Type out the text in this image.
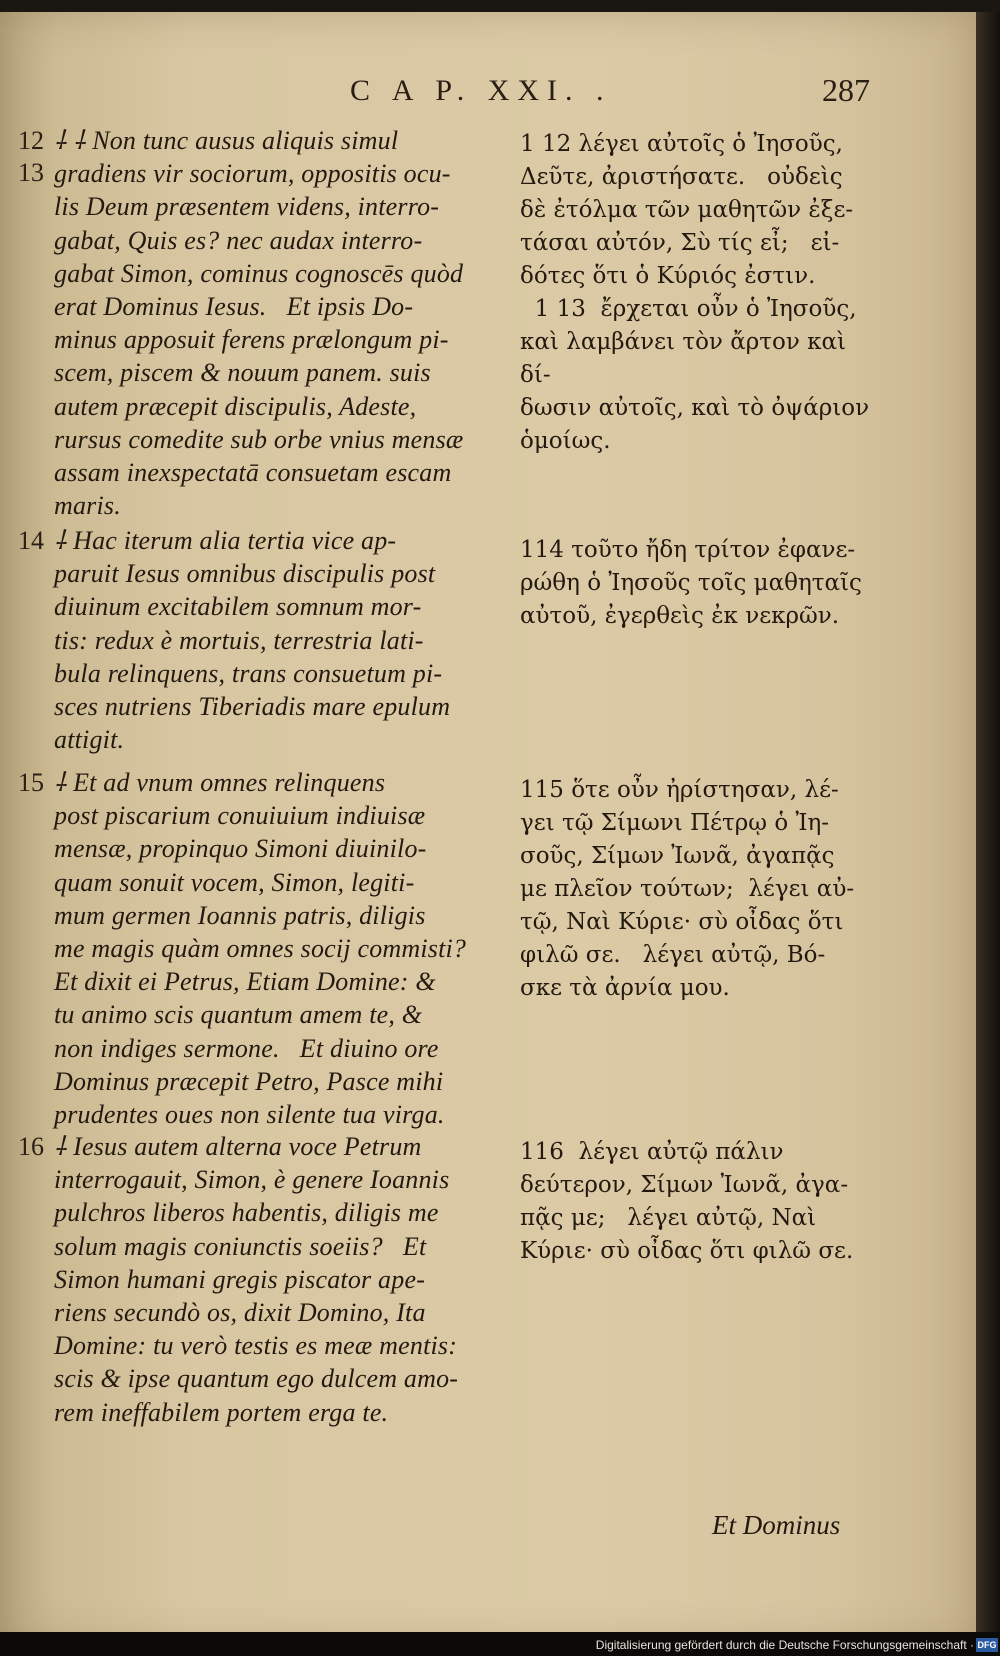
C A P. XXI. .	287
12
13
⸸ ⸸ Non tunc ausus aliquis simul
gradiens vir sociorum, oppositis ocu-
lis Deum præsentem videns, interro-
gabat, Quis es? nec audax interro-
gabat Simon, cominus cognoscēs quòd
erat Dominus Iesus.   Et ipsis Do-
minus apposuit ferens prælongum pi-
scem, piscem & nouum panem. suis
autem præcepit discipulis, Adeste,
rursus comedite sub orbe vnius mensæ
assam inexspectatā consuetam escam
maris.
14 ⸸ Hac iterum alia tertia vice ap-
paruit Iesus omnibus discipulis post
diuinum excitabilem somnum mor-
tis: redux è mortuis, terrestria lati-
bula relinquens, trans consuetum pi-
sces nutriens Tiberiadis mare epulum
attigit.
15 ⸸ Et ad vnum omnes relinquens
post piscarium conuiuium indiuisæ
mensæ, propinquo Simoni diuinilo-
quam sonuit vocem, Simon, legiti-
mum germen Ioannis patris, diligis
me magis quàm omnes socij commisti?
Et dixit ei Petrus, Etiam Domine: &
tu animo scis quantum amem te, &
non indiges sermone.   Et diuino ore
Dominus præcepit Petro, Pasce mihi
prudentes oues non silente tua virga.
16 ⸸ Iesus autem alterna voce Petrum
interrogauit, Simon, è genere Ioannis
pulchros liberos habentis, diligis me
solum magis coniunctis soeiis?   Et
Simon humani gregis piscator ape-
riens secundò os, dixit Domino, Ita
Domine: tu verò testis es meæ mentis:
scis & ipse quantum ego dulcem amo-
rem ineffabilem portem erga te.
1 12 λέγει αὐτοῖς ὁ Ἰησοῦς,
Δεῦτε, ἀριστήσατε.   οὐδεὶς
δὲ ἐτόλμα τῶν μαθητῶν ἐξε-
τάσαι αὐτόν, Σὺ τίς εἶ;   εἰ-
δότες ὅτι ὁ Κύριός ἐστιν.
1 13  ἔρχεται οὖν ὁ Ἰησοῦς,
καὶ λαμβάνει τὸν ἄρτον καὶ δί-
δωσιν αὐτοῖς, καὶ τὸ ὀψάριον
ὁμοίως.
114 τοῦτο ἤδη τρίτον ἐφανε-
ρώθη ὁ Ἰησοῦς τοῖς μαθηταῖς
αὐτοῦ, ἐγερθεὶς ἐκ νεκρῶν.
115 ὅτε οὖν ἠρίστησαν, λέ-
γει τῷ Σίμωνι Πέτρῳ ὁ Ἰη-
σοῦς, Σίμων Ἰωνᾶ, ἀγαπᾷς
με πλεῖον τούτων;  λέγει αὐ-
τῷ, Ναὶ Κύριε· σὺ οἶδας ὅτι
φιλῶ σε.   λέγει αὐτῷ, Βό-
σκε τὰ ἀρνία μου.
116  λέγει αὐτῷ πάλιν
δεύτερον, Σίμων Ἰωνᾶ, ἀγα-
πᾷς με;   λέγει αὐτῷ, Ναὶ
Κύριε· σὺ οἶδας ὅτι φιλῶ σε.
Et Dominus
Digitalisierung gefördert durch die Deutsche Forschungsgemeinschaft · DFG
